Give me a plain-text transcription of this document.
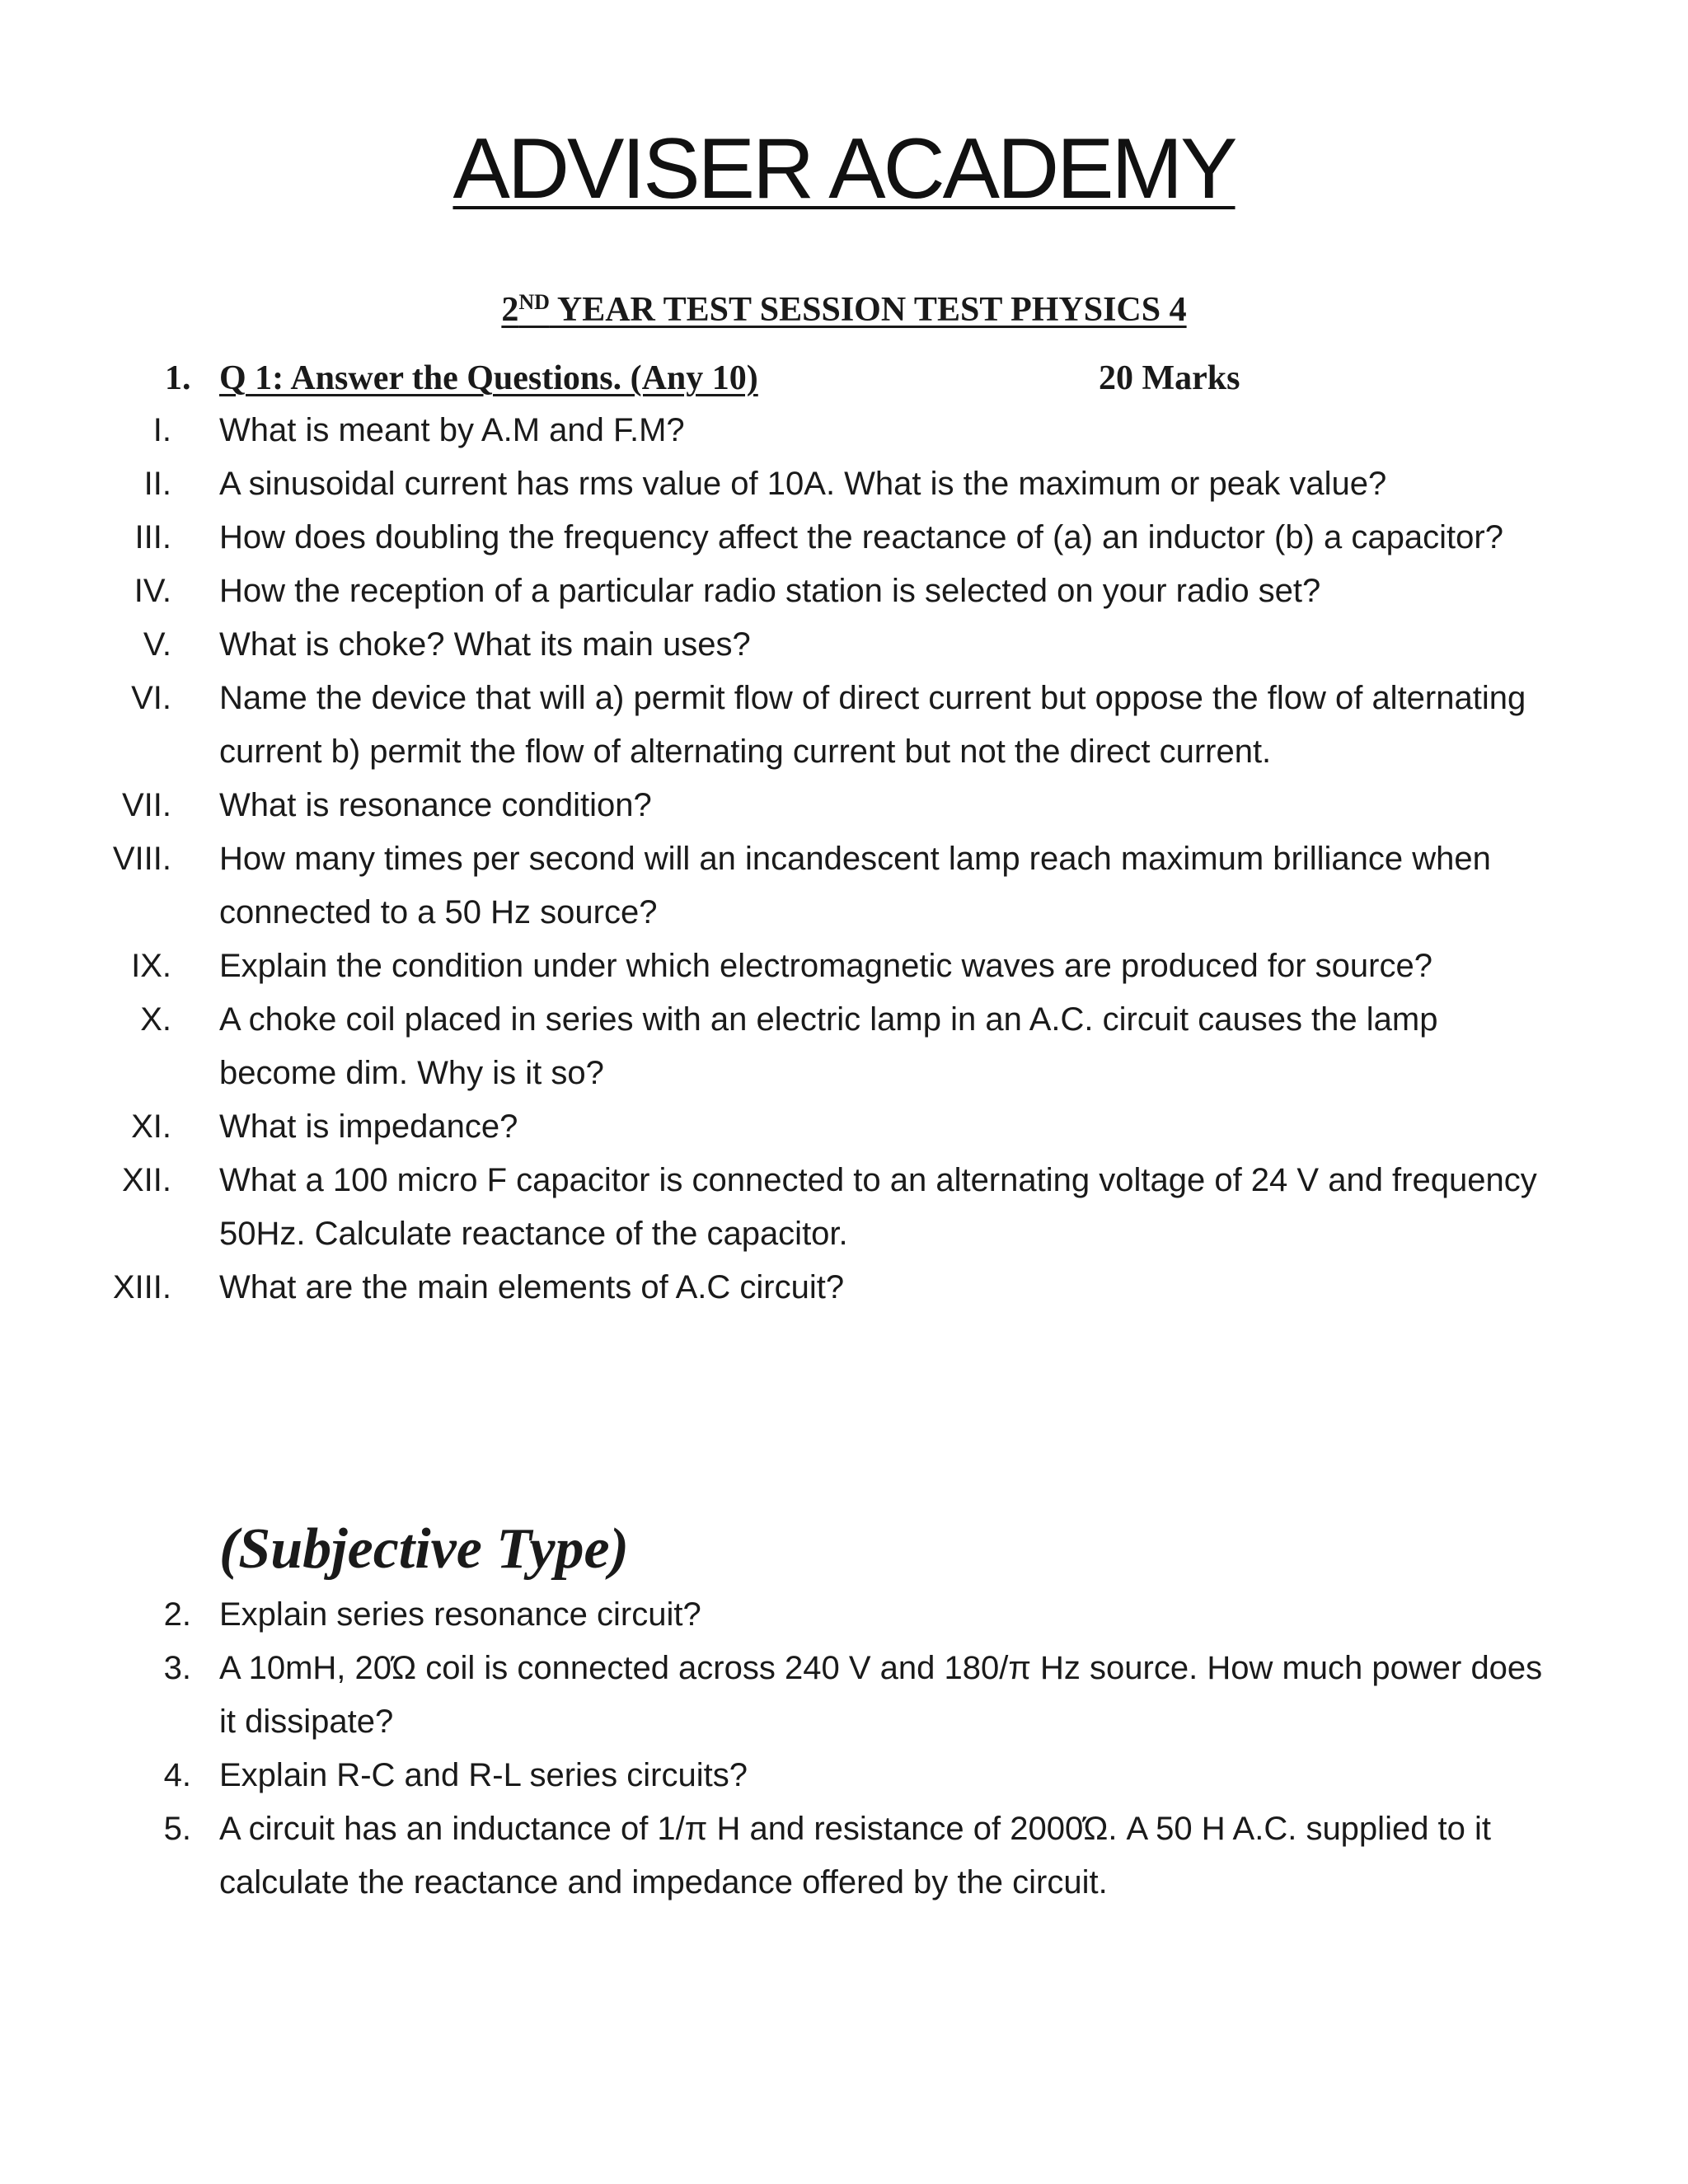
ADVISER ACADEMY
2ND YEAR TEST SESSION TEST PHYSICS 4
1. Q 1: Answer the Questions. (Any 10)	20 Marks
I. What is meant by A.M and F.M?
II. A sinusoidal current has rms value of 10A. What is the maximum or peak value?
III. How does doubling the frequency affect the reactance of (a) an inductor (b) a capacitor?
IV. How the reception of a particular radio station is selected on your radio set?
V. What is choke? What its main uses?
VI. Name the device that will a) permit flow of direct current but oppose the flow of alternating current b) permit the flow of alternating current but not the direct current.
VII. What is resonance condition?
VIII. How many times per second will an incandescent lamp reach maximum brilliance when connected to a 50 Hz source?
IX. Explain the condition under which electromagnetic waves are produced for source?
X. A choke coil placed in series with an electric lamp in an A.C. circuit causes the lamp become dim. Why is it so?
XI. What is impedance?
XII. What a 100 micro F capacitor is connected to an alternating voltage of 24 V and frequency 50Hz. Calculate reactance of the capacitor.
XIII. What are the main elements of A.C circuit?
(Subjective Type)
2. Explain series resonance circuit?
3. A 10mH, 20Ώ coil is connected across 240 V and 180/π Hz source. How much power does it dissipate?
4. Explain R-C and R-L series circuits?
5. A circuit has an inductance of 1/π H and resistance of 2000Ώ. A 50 H A.C. supplied to it calculate the reactance and impedance offered by the circuit.
